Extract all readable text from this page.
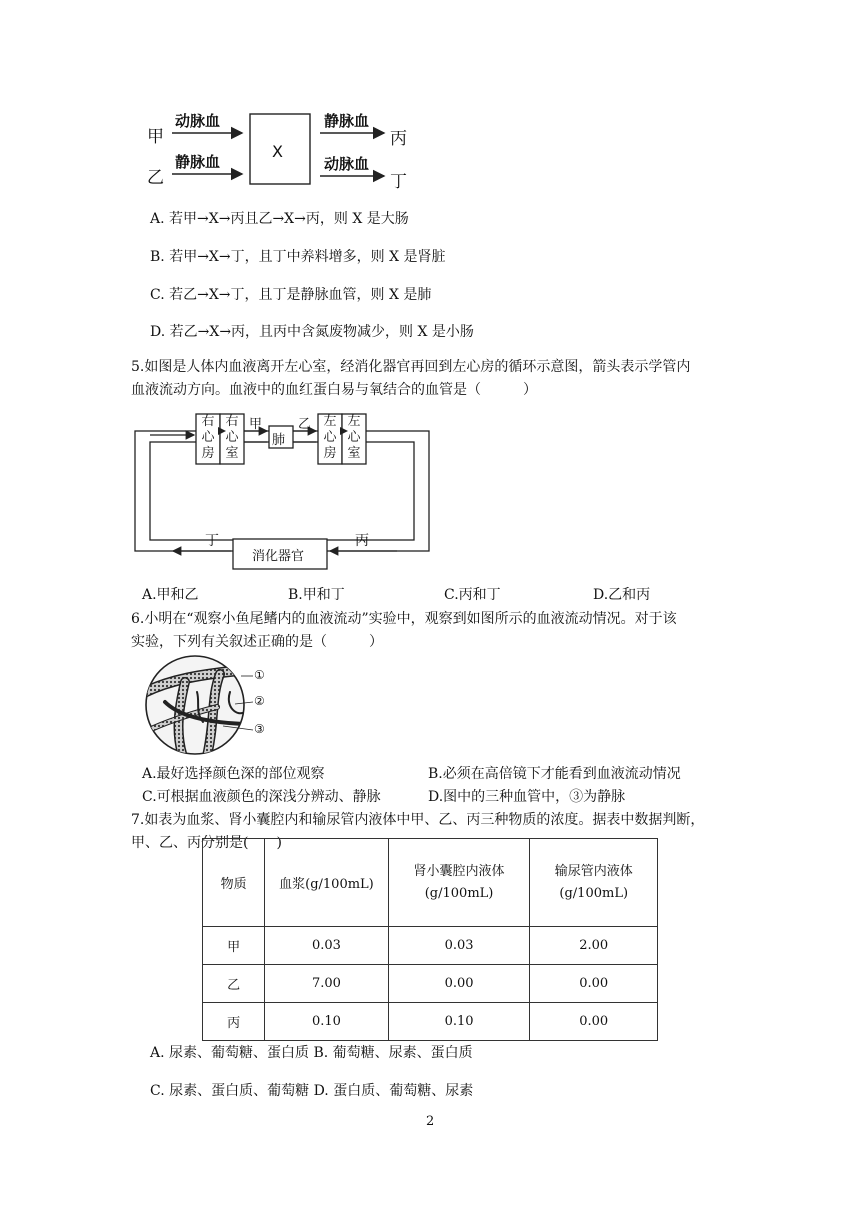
甲
乙
动脉血
静脉血
X
静脉血
动脉血
丙
丁
A. 若甲→X→丙且乙→X→丙，则 X 是大肠
B. 若甲→X→丁，且丁中养料增多，则 X 是肾脏
C. 若乙→X→丁，且丁是静脉血管，则 X 是肺
D. 若乙→X→丙，且丙中含氮废物减少，则 X 是小肠
5.如图是人体内血液离开左心室，经消化器官再回到左心房的循环示意图，箭头表示学管内
血液流动方向。血液中的血红蛋白易与氧结合的血管是（　　　）
右
心
房
右
心
室
左
心
房
左
心
室
肺
甲	乙
消化器官
丁	丙
A.甲和乙	B.甲和丁	C.丙和丁	D.乙和丙
6.小明在“观察小鱼尾鳍内的血液流动”实验中，观察到如图所示的血液流动情况。对于该
实验，下列有关叙述正确的是（　　　）
①
②
③
A.最好选择颜色深的部位观察	B.必须在高倍镜下才能看到血液流动情况
C.可根据血液颜色的深浅分辨动、静脉	D.图中的三种血管中，③为静脉
7.如表为血浆、肾小囊腔内和输尿管内液体中甲、乙、丙三种物质的浓度。据表中数据判断，
甲、乙、丙分别是(　　)
物质	血浆(g/100mL)	肾小囊腔内液体
(g/100mL)	输尿管内液体
(g/100mL)
甲	0.03	0.03	2.00
乙	7.00	0.00	0.00
丙	0.10	0.10	0.00
A. 尿素、葡萄糖、蛋白质 B. 葡萄糖、尿素、蛋白质
C. 尿素、蛋白质、葡萄糖 D. 蛋白质、葡萄糖、尿素
2
